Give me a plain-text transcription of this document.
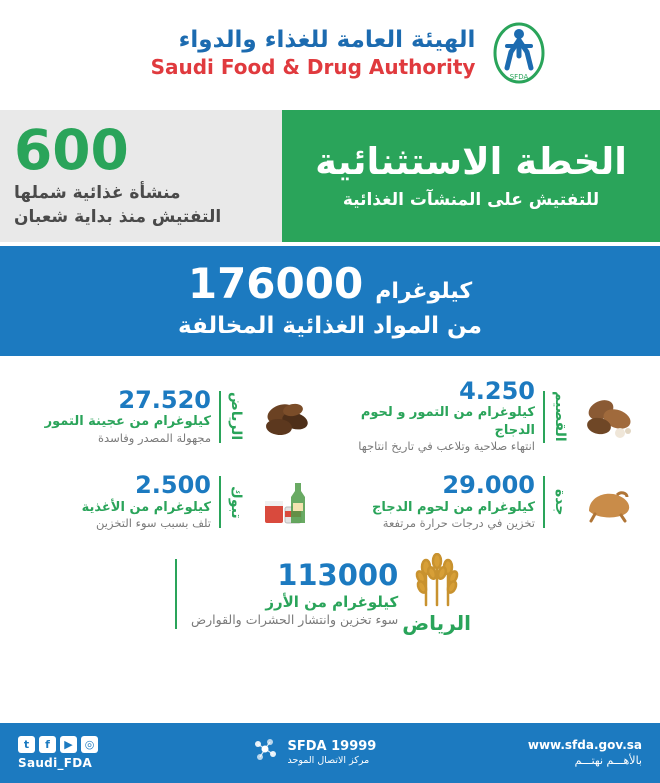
الهيئة العامة للغذاء والدواء
Saudi Food & Drug Authority	SFDA
600
منشأة غذائية شملها
التفتيش منذ بداية شعبان
الخطة الاستثنائية
للتفتيش على المنشآت الغذائية
كيلوغرام
176000
من المواد الغذائية المخالفة
القصيم
4.250
كيلوغرام من التمور و لحوم الدجاج
انتهاء صلاحية وتلاعب في تاريخ انتاجها
الرياض
27.520
كيلوغرام من عجينة التمور
مجهولة المصدر وفاسدة
جدة
29.000
كيلوغرام من لحوم الدجاج
تخزين في درجات حرارة مرتفعة
تبوك
2.500
كيلوغرام من الأغذية
تلف بسبب سوء التخزين
الرياض
113000
كيلوغرام من الأرز
سوء تخزين وانتشار الحشرات والقوارض
t	f	▶	◎
Saudi_FDA
SFDA 19999
مركز الاتصال الموحد
www.sfda.gov.sa
بالأهـــم نهتـــم
